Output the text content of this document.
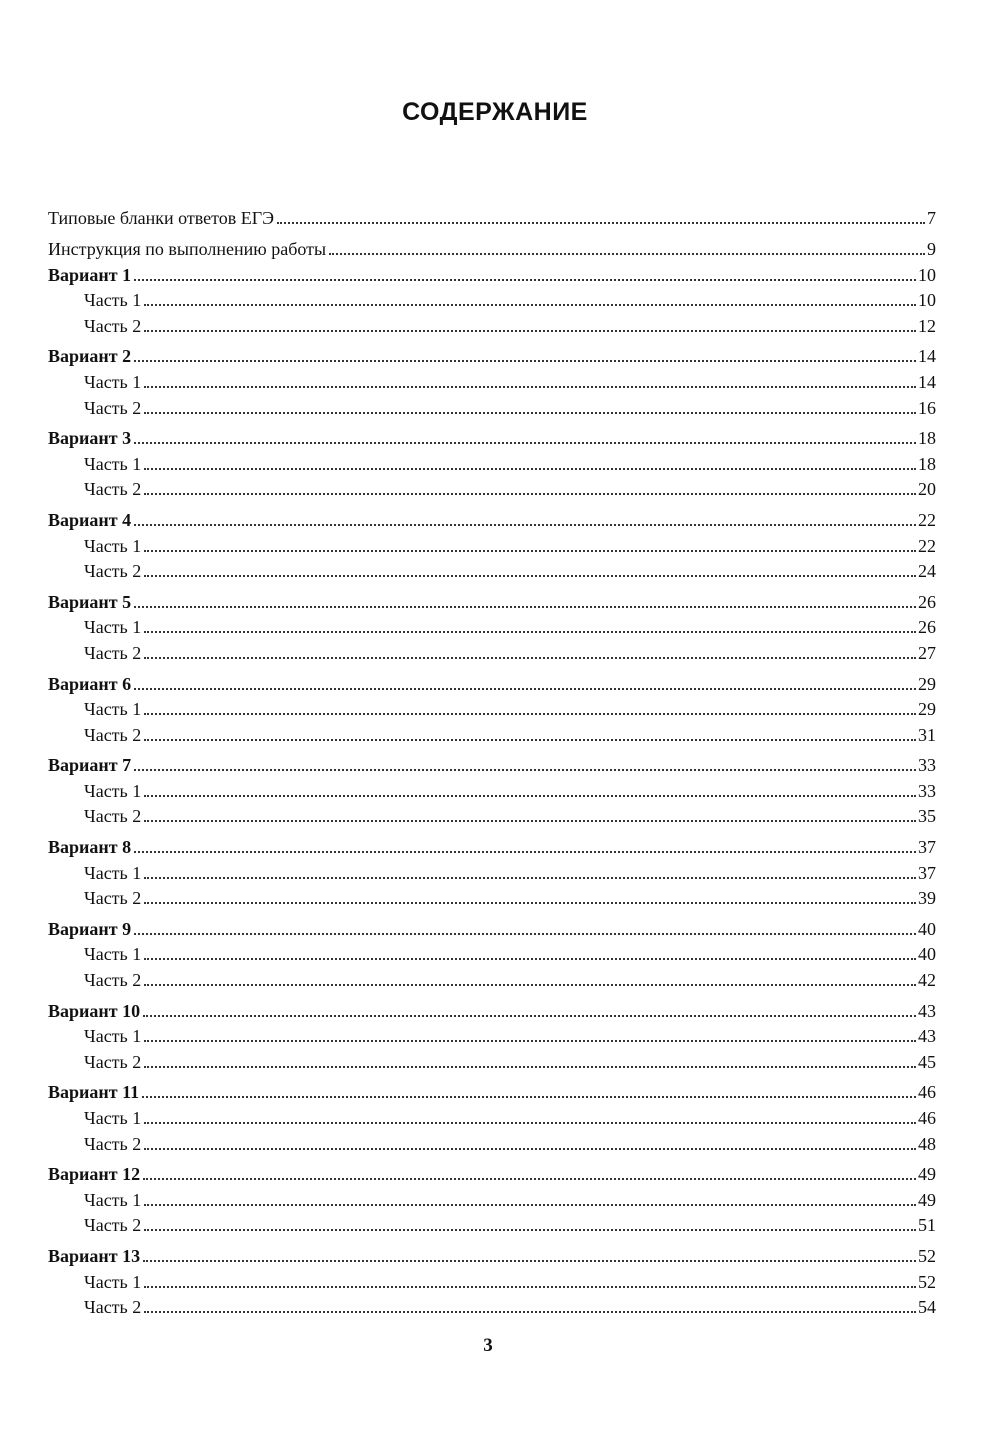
СОДЕРЖАНИЕ
Типовые бланки ответов ЕГЭ	7
Инструкция по выполнению работы	9
Вариант 1	10
Часть 1	10
Часть 2	12
Вариант 2	14
Часть 1	14
Часть 2	16
Вариант 3	18
Часть 1	18
Часть 2	20
Вариант 4	22
Часть 1	22
Часть 2	24
Вариант 5	26
Часть 1	26
Часть 2	27
Вариант 6	29
Часть 1	29
Часть 2	31
Вариант 7	33
Часть 1	33
Часть 2	35
Вариант 8	37
Часть 1	37
Часть 2	39
Вариант 9	40
Часть 1	40
Часть 2	42
Вариант 10	43
Часть 1	43
Часть 2	45
Вариант 11	46
Часть 1	46
Часть 2	48
Вариант 12	49
Часть 1	49
Часть 2	51
Вариант 13	52
Часть 1	52
Часть 2	54
3
